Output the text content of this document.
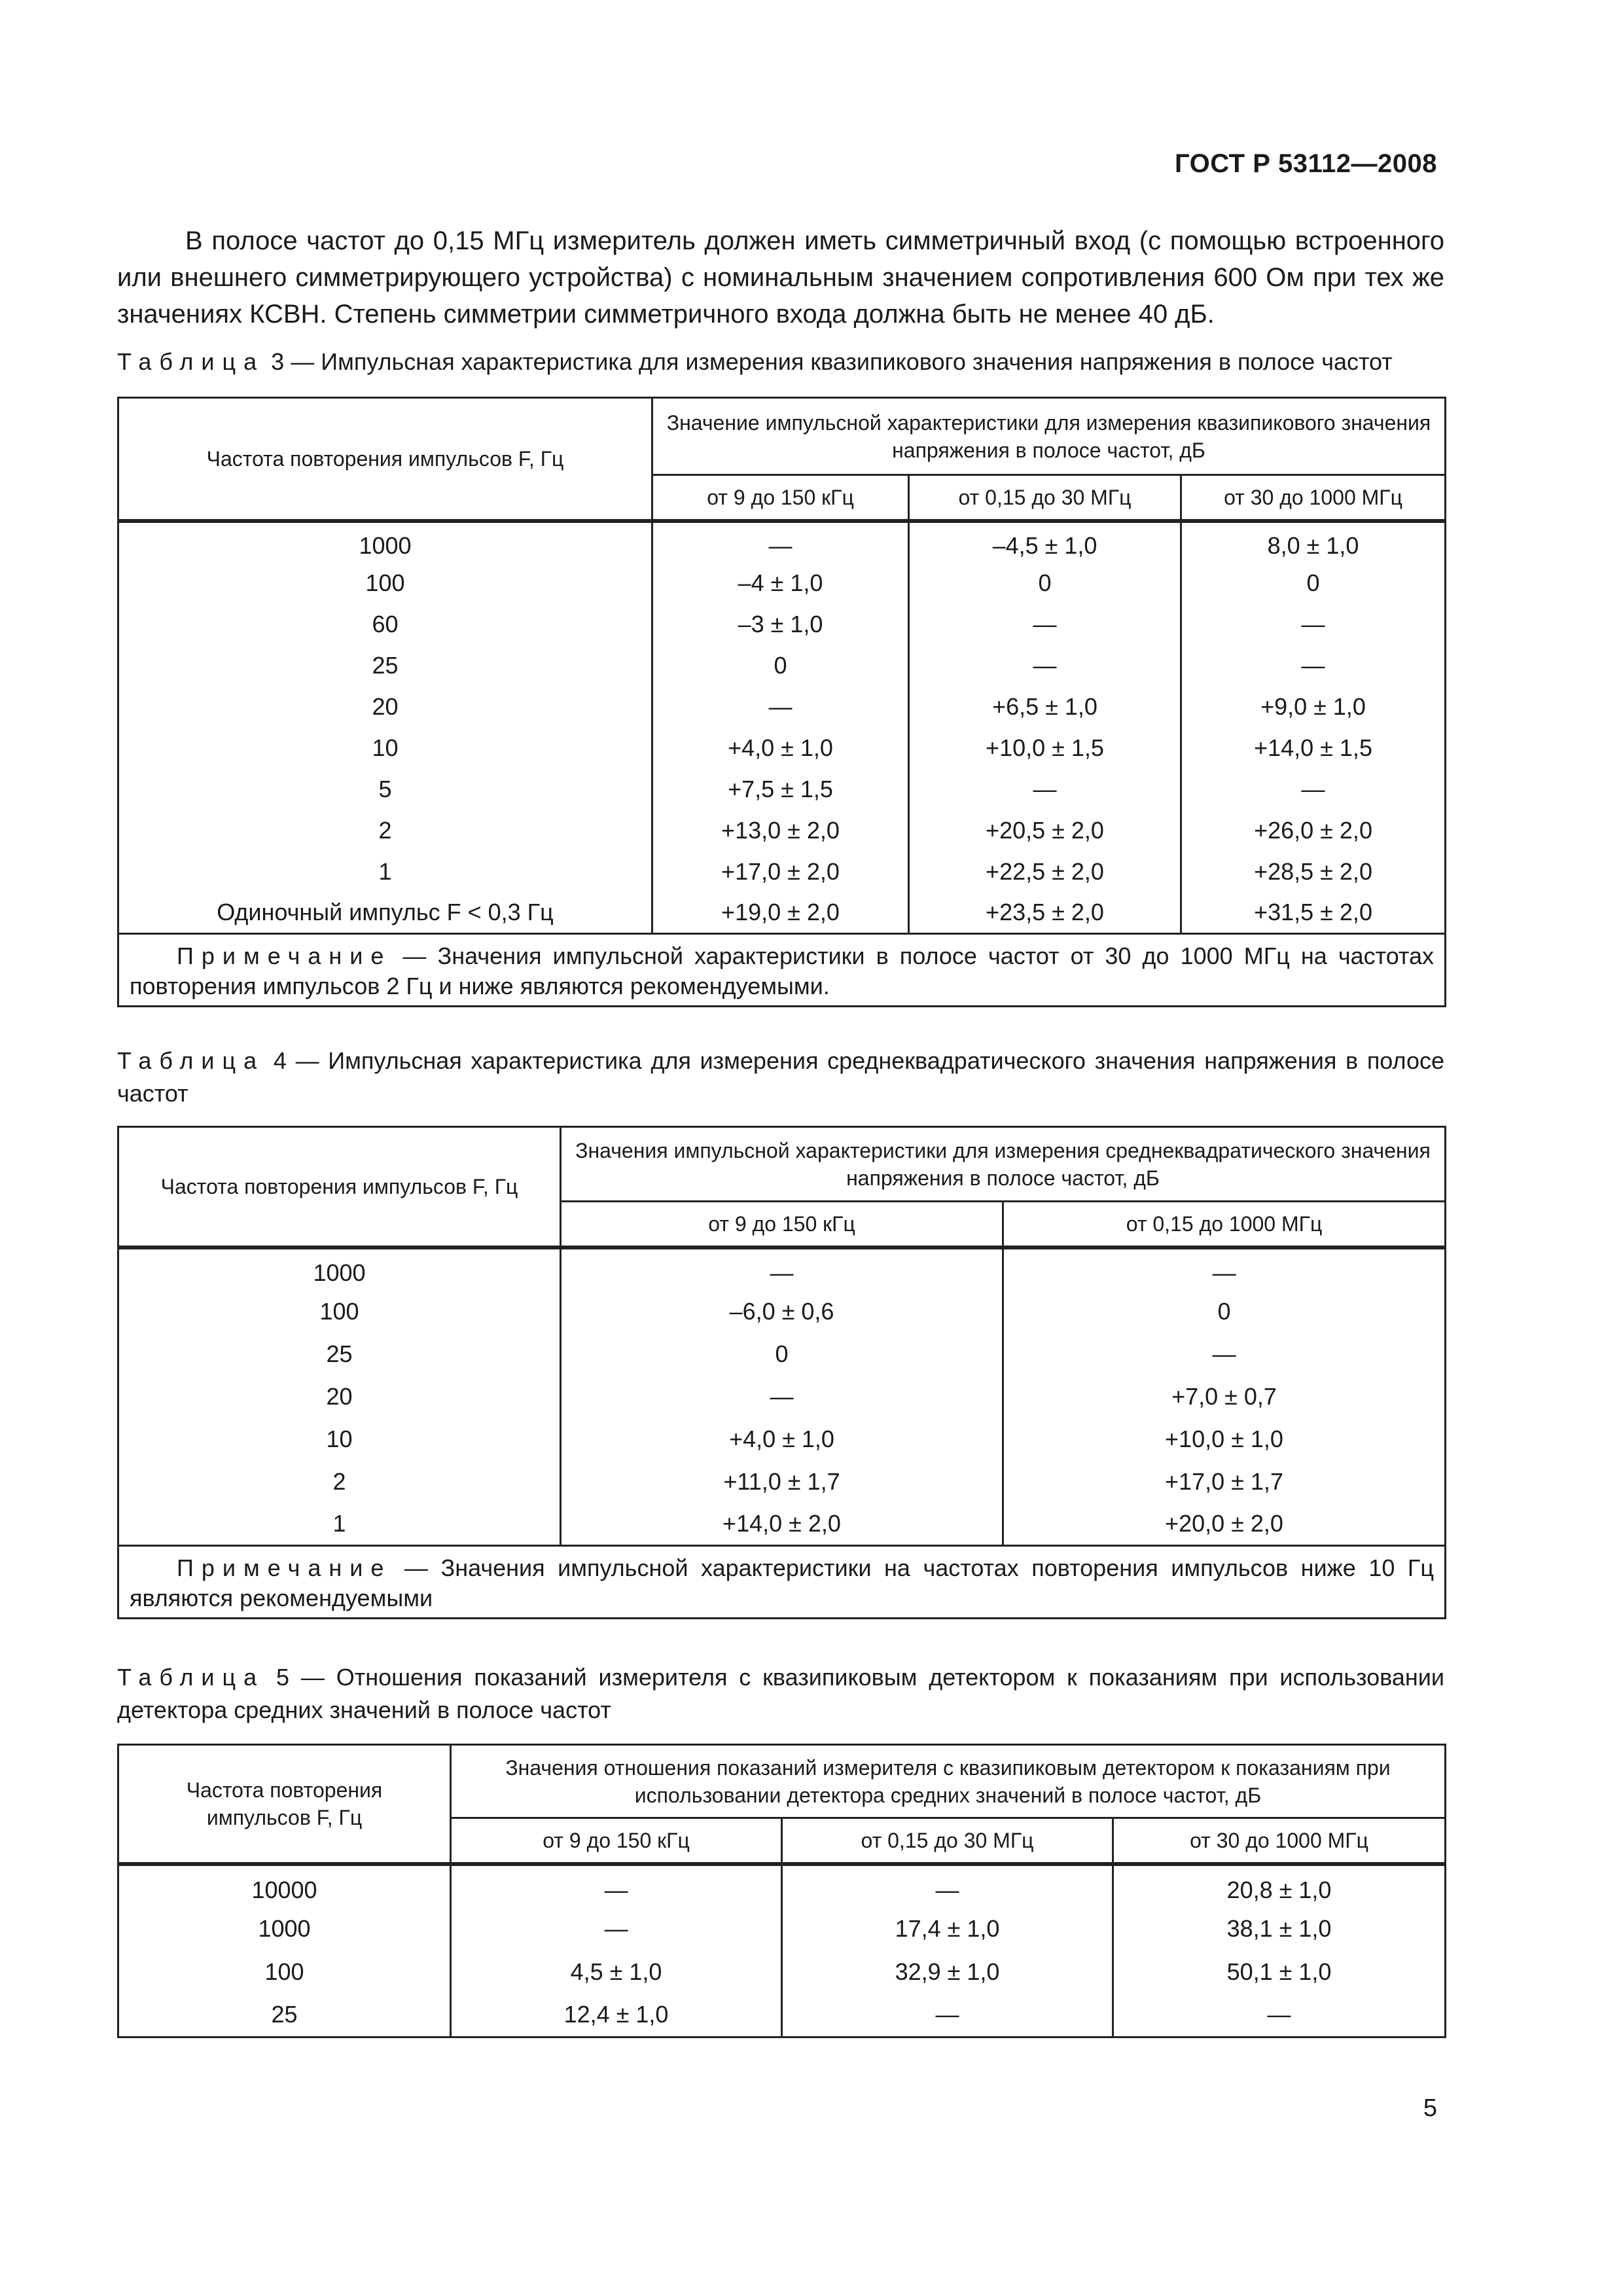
ГОСТ Р 53112—2008

В полосе частот до 0,15 МГц измеритель должен иметь симметричный вход (с помощью встроенного или внешнего симметрирующего устройства) с номинальным значением сопротивления 600 Ом при тех же значениях КСВН. Степень симметрии симметричного входа должна быть не менее 40 дБ.

Таблица 3 — Импульсная характеристика для измерения квазипикового значения напряжения в полосе частот

Частота повторения импульсов F, Гц	Значение импульсной характеристики для измерения квазипикового значения напряжения в полосе частот, дБ		
	от 9 до 150 кГц	от 0,15 до 30 МГц	от 30 до 1000 МГц
1000	—	–4,5 ± 1,0	8,0 ± 1,0
100	–4 ± 1,0	0	0
60	–3 ± 1,0	—	—
25	0	—	—
20	—	+6,5 ± 1,0	+9,0 ± 1,0
10	+4,0 ± 1,0	+10,0 ± 1,5	+14,0 ± 1,5
5	+7,5 ± 1,5	—	—
2	+13,0 ± 2,0	+20,5 ± 2,0	+26,0 ± 2,0
1	+17,0 ± 2,0	+22,5 ± 2,0	+28,5 ± 2,0
Одиночный импульс F < 0,3 Гц	+19,0 ± 2,0	+23,5 ± 2,0	+31,5 ± 2,0
Примечание — Значения импульсной характеристики в полосе частот от 30 до 1000 МГц на частотах повторения импульсов 2 Гц и ниже являются рекомендуемыми.			

Таблица 4 — Импульсная характеристика для измерения среднеквадратического значения напряжения в полосе частот

Частота повторения импульсов F, Гц	Значения импульсной характеристики для измерения среднеквадратического значения напряжения в полосе частот, дБ	
	от 9 до 150 кГц	от 0,15 до 1000 МГц
1000	—	—
100	–6,0 ± 0,6	0
25	0	—
20	—	+7,0 ± 0,7
10	+4,0 ± 1,0	+10,0 ± 1,0
2	+11,0 ± 1,7	+17,0 ± 1,7
1	+14,0 ± 2,0	+20,0 ± 2,0
Примечание — Значения импульсной характеристики на частотах повторения импульсов ниже 10 Гц являются рекомендуемыми		

Таблица 5 — Отношения показаний измерителя с квазипиковым детектором к показаниям при использовании детектора средних значений в полосе частот

Частота повторения импульсов F, Гц	Значения отношения показаний измерителя с квазипиковым детектором к показаниям при использовании детектора средних значений в полосе частот, дБ		
	от 9 до 150 кГц	от 0,15 до 30 МГц	от 30 до 1000 МГц
10000	—	—	20,8 ± 1,0
1000	—	17,4 ± 1,0	38,1 ± 1,0
100	4,5 ± 1,0	32,9 ± 1,0	50,1 ± 1,0
25	12,4 ± 1,0	—	—
5
